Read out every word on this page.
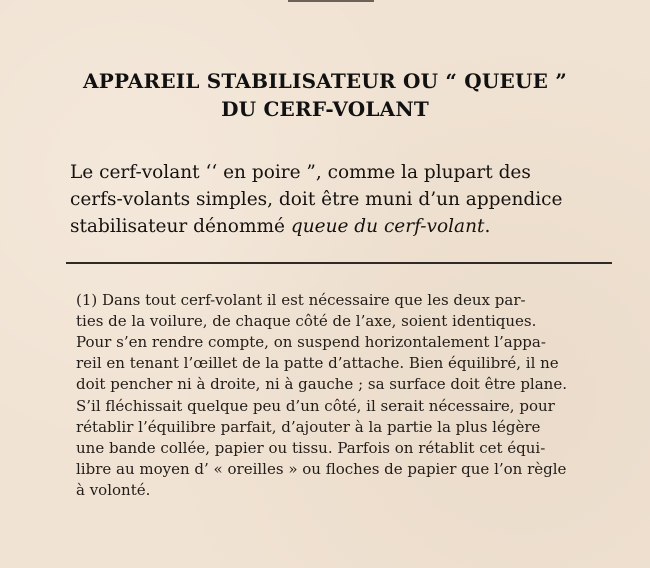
APPAREIL STABILISATEUR OU “ QUEUE ”
DU CERF-VOLANT
Le cerf-volant ‘‘ en poire ”, comme la plupart des
cerfs-volants simples, doit être muni d’un appendice
stabilisateur dénommé queue du cerf-volant.
(1) Dans tout cerf-volant il est nécessaire que les deux par-
ties de la voilure, de chaque côté de l’axe, soient identiques.
Pour s’en rendre compte, on suspend horizontalement l’appa-
reil en tenant l’œillet de la patte d’attache. Bien équilibré, il ne
doit pencher ni à droite, ni à gauche ; sa surface doit être plane.
S’il fléchissait quelque peu d’un côté, il serait nécessaire, pour
rétablir l’équilibre parfait, d’ajouter à la partie la plus légère
une bande collée, papier ou tissu. Parfois on rétablit cet équi-
libre au moyen d’ « oreilles » ou floches de papier que l’on règle
à volonté.
